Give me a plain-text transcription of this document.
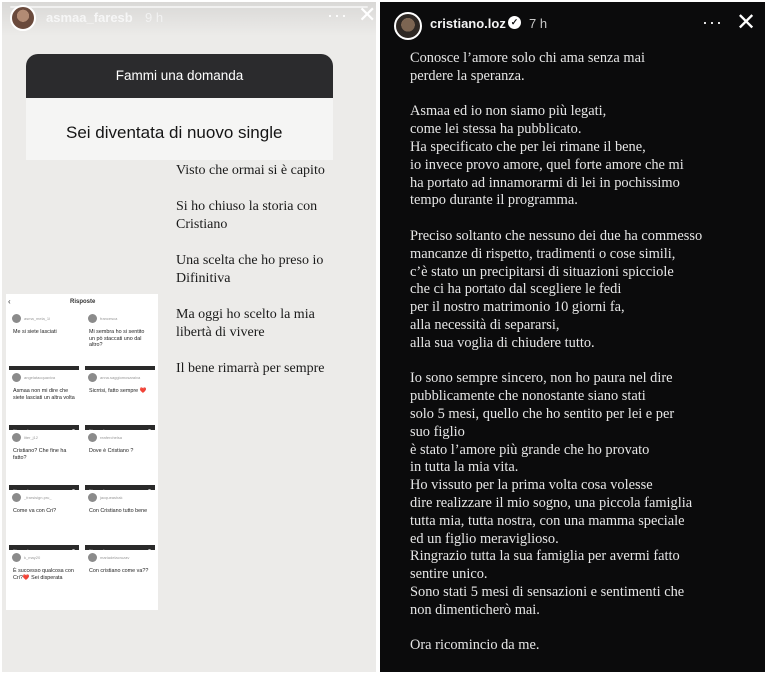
asmaa_faresb 9 h	··· ✕
Fammi una domanda
Sei diventata di nuovo single
Visto che ormai si è capito
Si ho chiuso la storia con
Cristiano
Una scelta che ho preso io
Difinitiva
Ma oggi ho scelto la mia
libertà di vivere
Il bene rimarrà per sempre
‹	Risposte
asma_mela_1l
Me si siete lasciati
francesca
Mi sembra ho si sentito un pò staccati uno dal altro?
angelatacquaviva
Asmaa non mi dire che siete lasciati un altra volta
anna.saggiomosaraiva
Sicrrisi, fatto sempre ❤️
liter_j12
Cristiano? Che fine ha fatto?
reaferchelsa
Dove è Cristiano ?
_frarsisign.pru_
Come va con Cri?
jacqueashak
Con Cristiano tutto bene
k_may20
È successo qualcosa con Cri?❤️ Sei disperata
mariadelacruzav
Con cristiano come va??
cristiano.loz ✓ 7 h	··· ✕
Conosce l’amore solo chi ama senza mai
perdere la speranza.
Asmaa ed io non siamo più legati,
come lei stessa ha pubblicato.
Ha specificato che per lei rimane il bene,
io invece provo amore, quel forte amore che mi
ha portato ad innamorarmi di lei in pochissimo
tempo durante il programma.
Preciso soltanto che nessuno dei due ha commesso
mancanze di rispetto, tradimenti o cose simili,
c’è stato un precipitarsi di situazioni spicciole
che ci ha portato dal scegliere le fedi
per il nostro matrimonio 10 giorni fa,
alla necessità di separarsi,
alla sua voglia di chiudere tutto.
Io sono sempre sincero, non ho paura nel dire
pubblicamente che nonostante siano stati
solo 5 mesi, quello che ho sentito per lei e per
suo figlio
è stato l’amore più grande che ho provato
in tutta la mia vita.
Ho vissuto per la prima volta cosa volesse
dire realizzare il mio sogno, una piccola famiglia
tutta mia, tutta nostra, con una mamma speciale
ed un figlio meraviglioso.
Ringrazio tutta la sua famiglia per avermi fatto
sentire unico.
Sono stati 5 mesi di sensazioni e sentimenti che
non dimenticherò mai.
Ora ricomincio da me.
